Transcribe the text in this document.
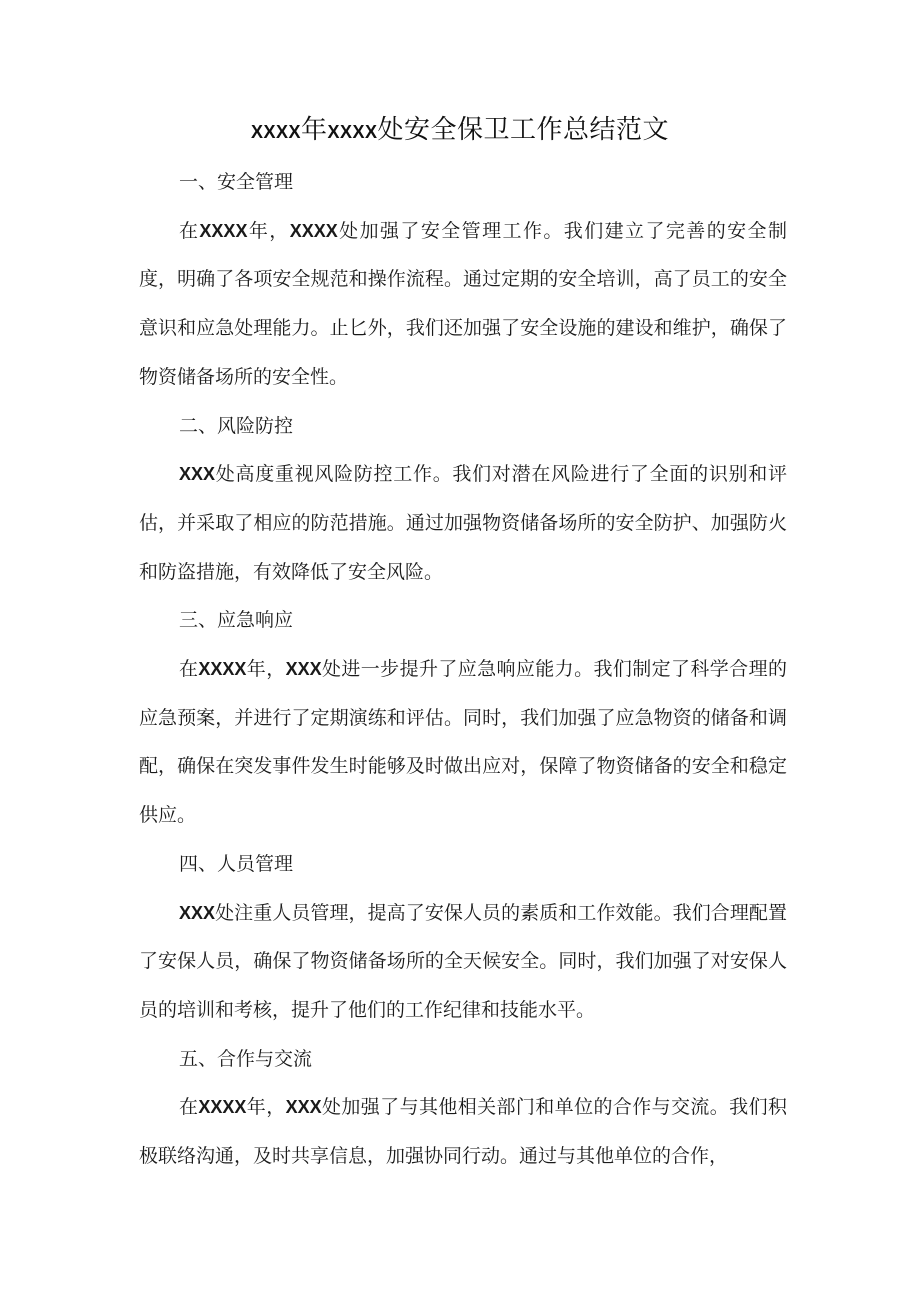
XXXX年XXXX处安全保卫工作总结范文

一、安全管理

在XXXX年，XXXX处加强了安全管理工作。我们建立了完善的安全制度，明确了各项安全规范和操作流程。通过定期的安全培训，高了员工的安全意识和应急处理能力。止匕外，我们还加强了安全设施的建设和维护，确保了物资储备场所的安全性。

二、风险防控

XXX处高度重视风险防控工作。我们对潜在风险进行了全面的识别和评估，并采取了相应的防范措施。通过加强物资储备场所的安全防护、加强防火和防盗措施，有效降低了安全风险。

三、应急响应

在XXXX年，XXX处进一步提升了应急响应能力。我们制定了科学合理的应急预案，并进行了定期演练和评估。同时，我们加强了应急物资的储备和调配，确保在突发事件发生时能够及时做出应对，保障了物资储备的安全和稳定供应。

四、人员管理

XXX处注重人员管理，提高了安保人员的素质和工作效能。我们合理配置了安保人员，确保了物资储备场所的全天候安全。同时，我们加强了对安保人员的培训和考核，提升了他们的工作纪律和技能水平。

五、合作与交流

在XXXX年，XXX处加强了与其他相关部门和单位的合作与交流。我们积极联络沟通，及时共享信息，加强协同行动。通过与其他单位的合作，
